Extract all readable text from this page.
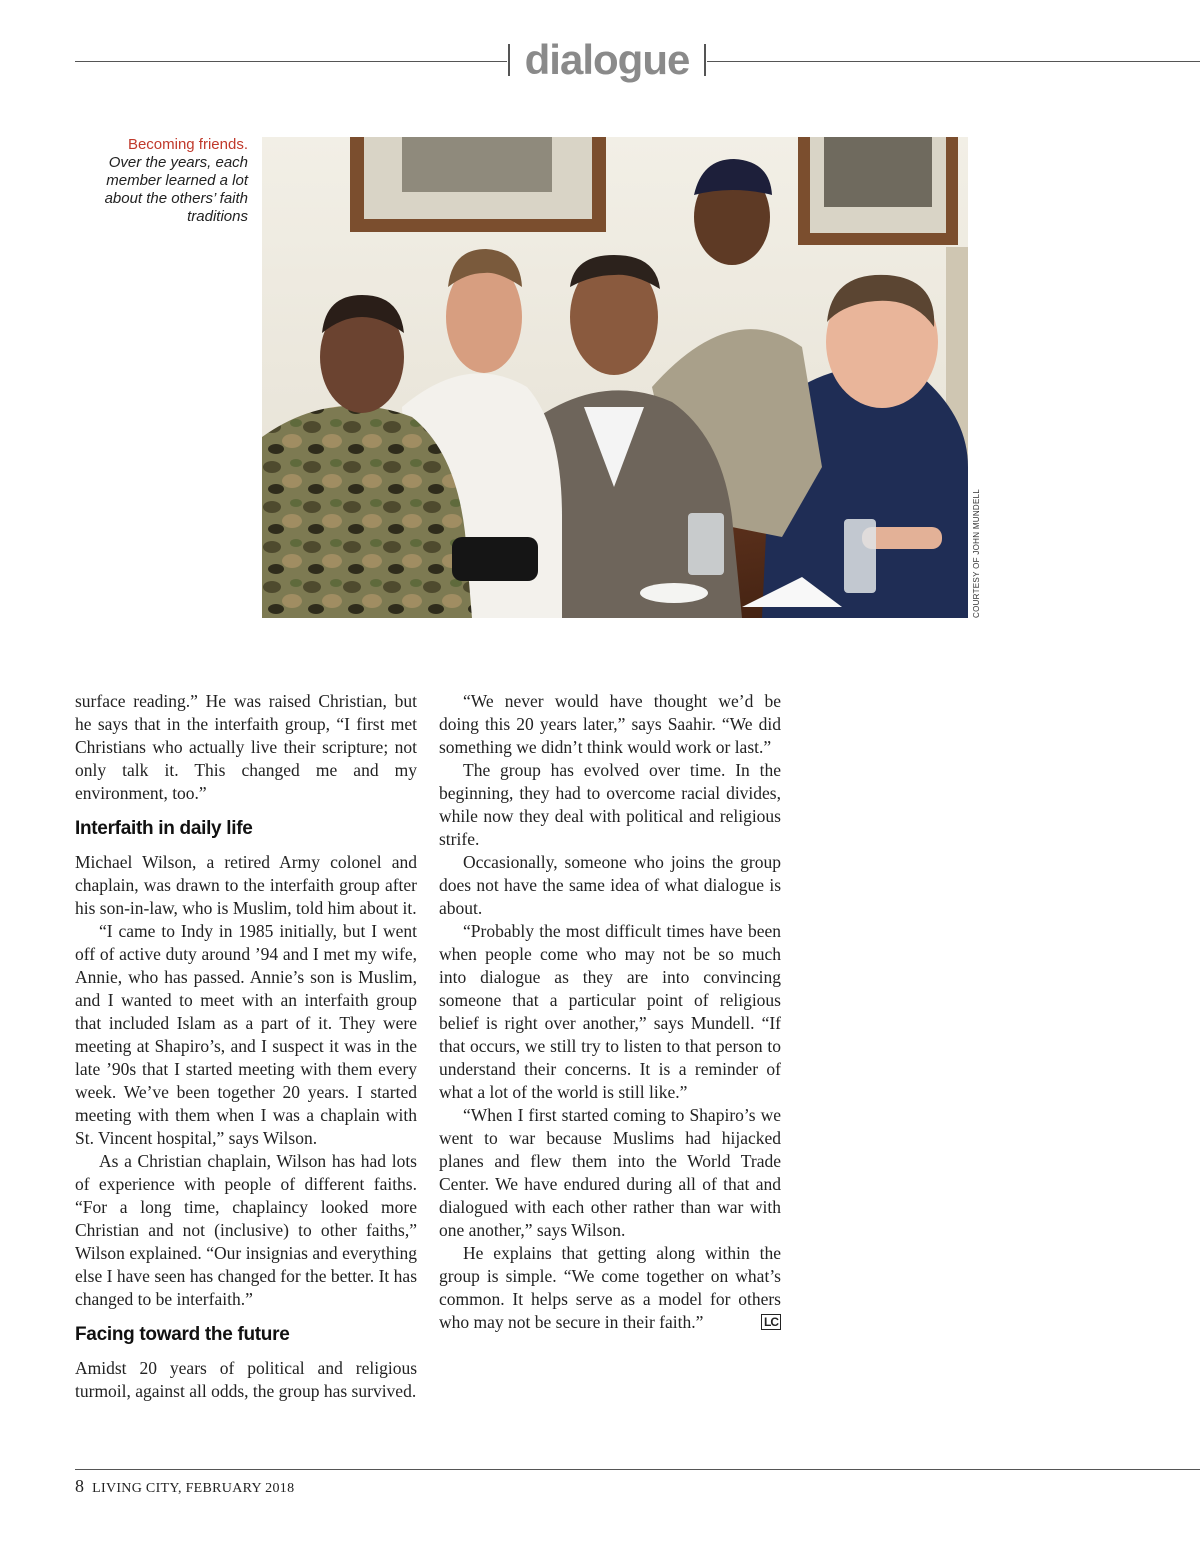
dialogue
Becoming friends.
Over the years, each member learned a lot about the others’ faith traditions
COURTESY OF JOHN MUNDELL

surface reading.” He was raised Christian, but he says that in the interfaith group, “I first met Christians who actually live their scripture; not only talk it. This changed me and my environment, too.”

Interfaith in daily life

Michael Wilson, a retired Army colonel and chaplain, was drawn to the interfaith group after his son-in-law, who is Muslim, told him about it.

“I came to Indy in 1985 initially, but I went off of active duty around ’94 and I met my wife, Annie, who has passed. Annie’s son is Muslim, and I wanted to meet with an interfaith group that included Islam as a part of it. They were meeting at Shapiro’s, and I suspect it was in the late ’90s that I started meeting with them every week. We’ve been together 20 years. I started meeting with them when I was a chaplain with St. Vincent hospital,” says Wilson.

As a Christian chaplain, Wilson has had lots of experience with people of different faiths. “For a long time, chaplaincy looked more Christian and not (inclusive) to other faiths,” Wilson explained. “Our insignias and everything else I have seen has changed for the better. It has changed to be interfaith.”

Facing toward the future

Amidst 20 years of political and religious turmoil, against all odds, the group has survived.

“We never would have thought we’d be doing this 20 years later,” says Saahir. “We did something we didn’t think would work or last.”

The group has evolved over time. In the beginning, they had to overcome racial divides, while now they deal with political and religious strife.

Occasionally, someone who joins the group does not have the same idea of what dialogue is about.

“Probably the most difficult times have been when people come who may not be so much into dialogue as they are into convincing someone that a particular point of religious belief is right over another,” says Mundell. “If that occurs, we still try to listen to that person to understand their concerns. It is a reminder of what a lot of the world is still like.”

“When I first started coming to Shapiro’s we went to war because Muslims had hijacked planes and flew them into the World Trade Center. We have endured during all of that and dialogued with each other rather than war with one another,” says Wilson.

He explains that getting along within the group is simple. “We come together on what’s common. It helps serve as a model for others who may not be secure in their faith.”	LC

8 LIVING CITY, FEBRUARY 2018
